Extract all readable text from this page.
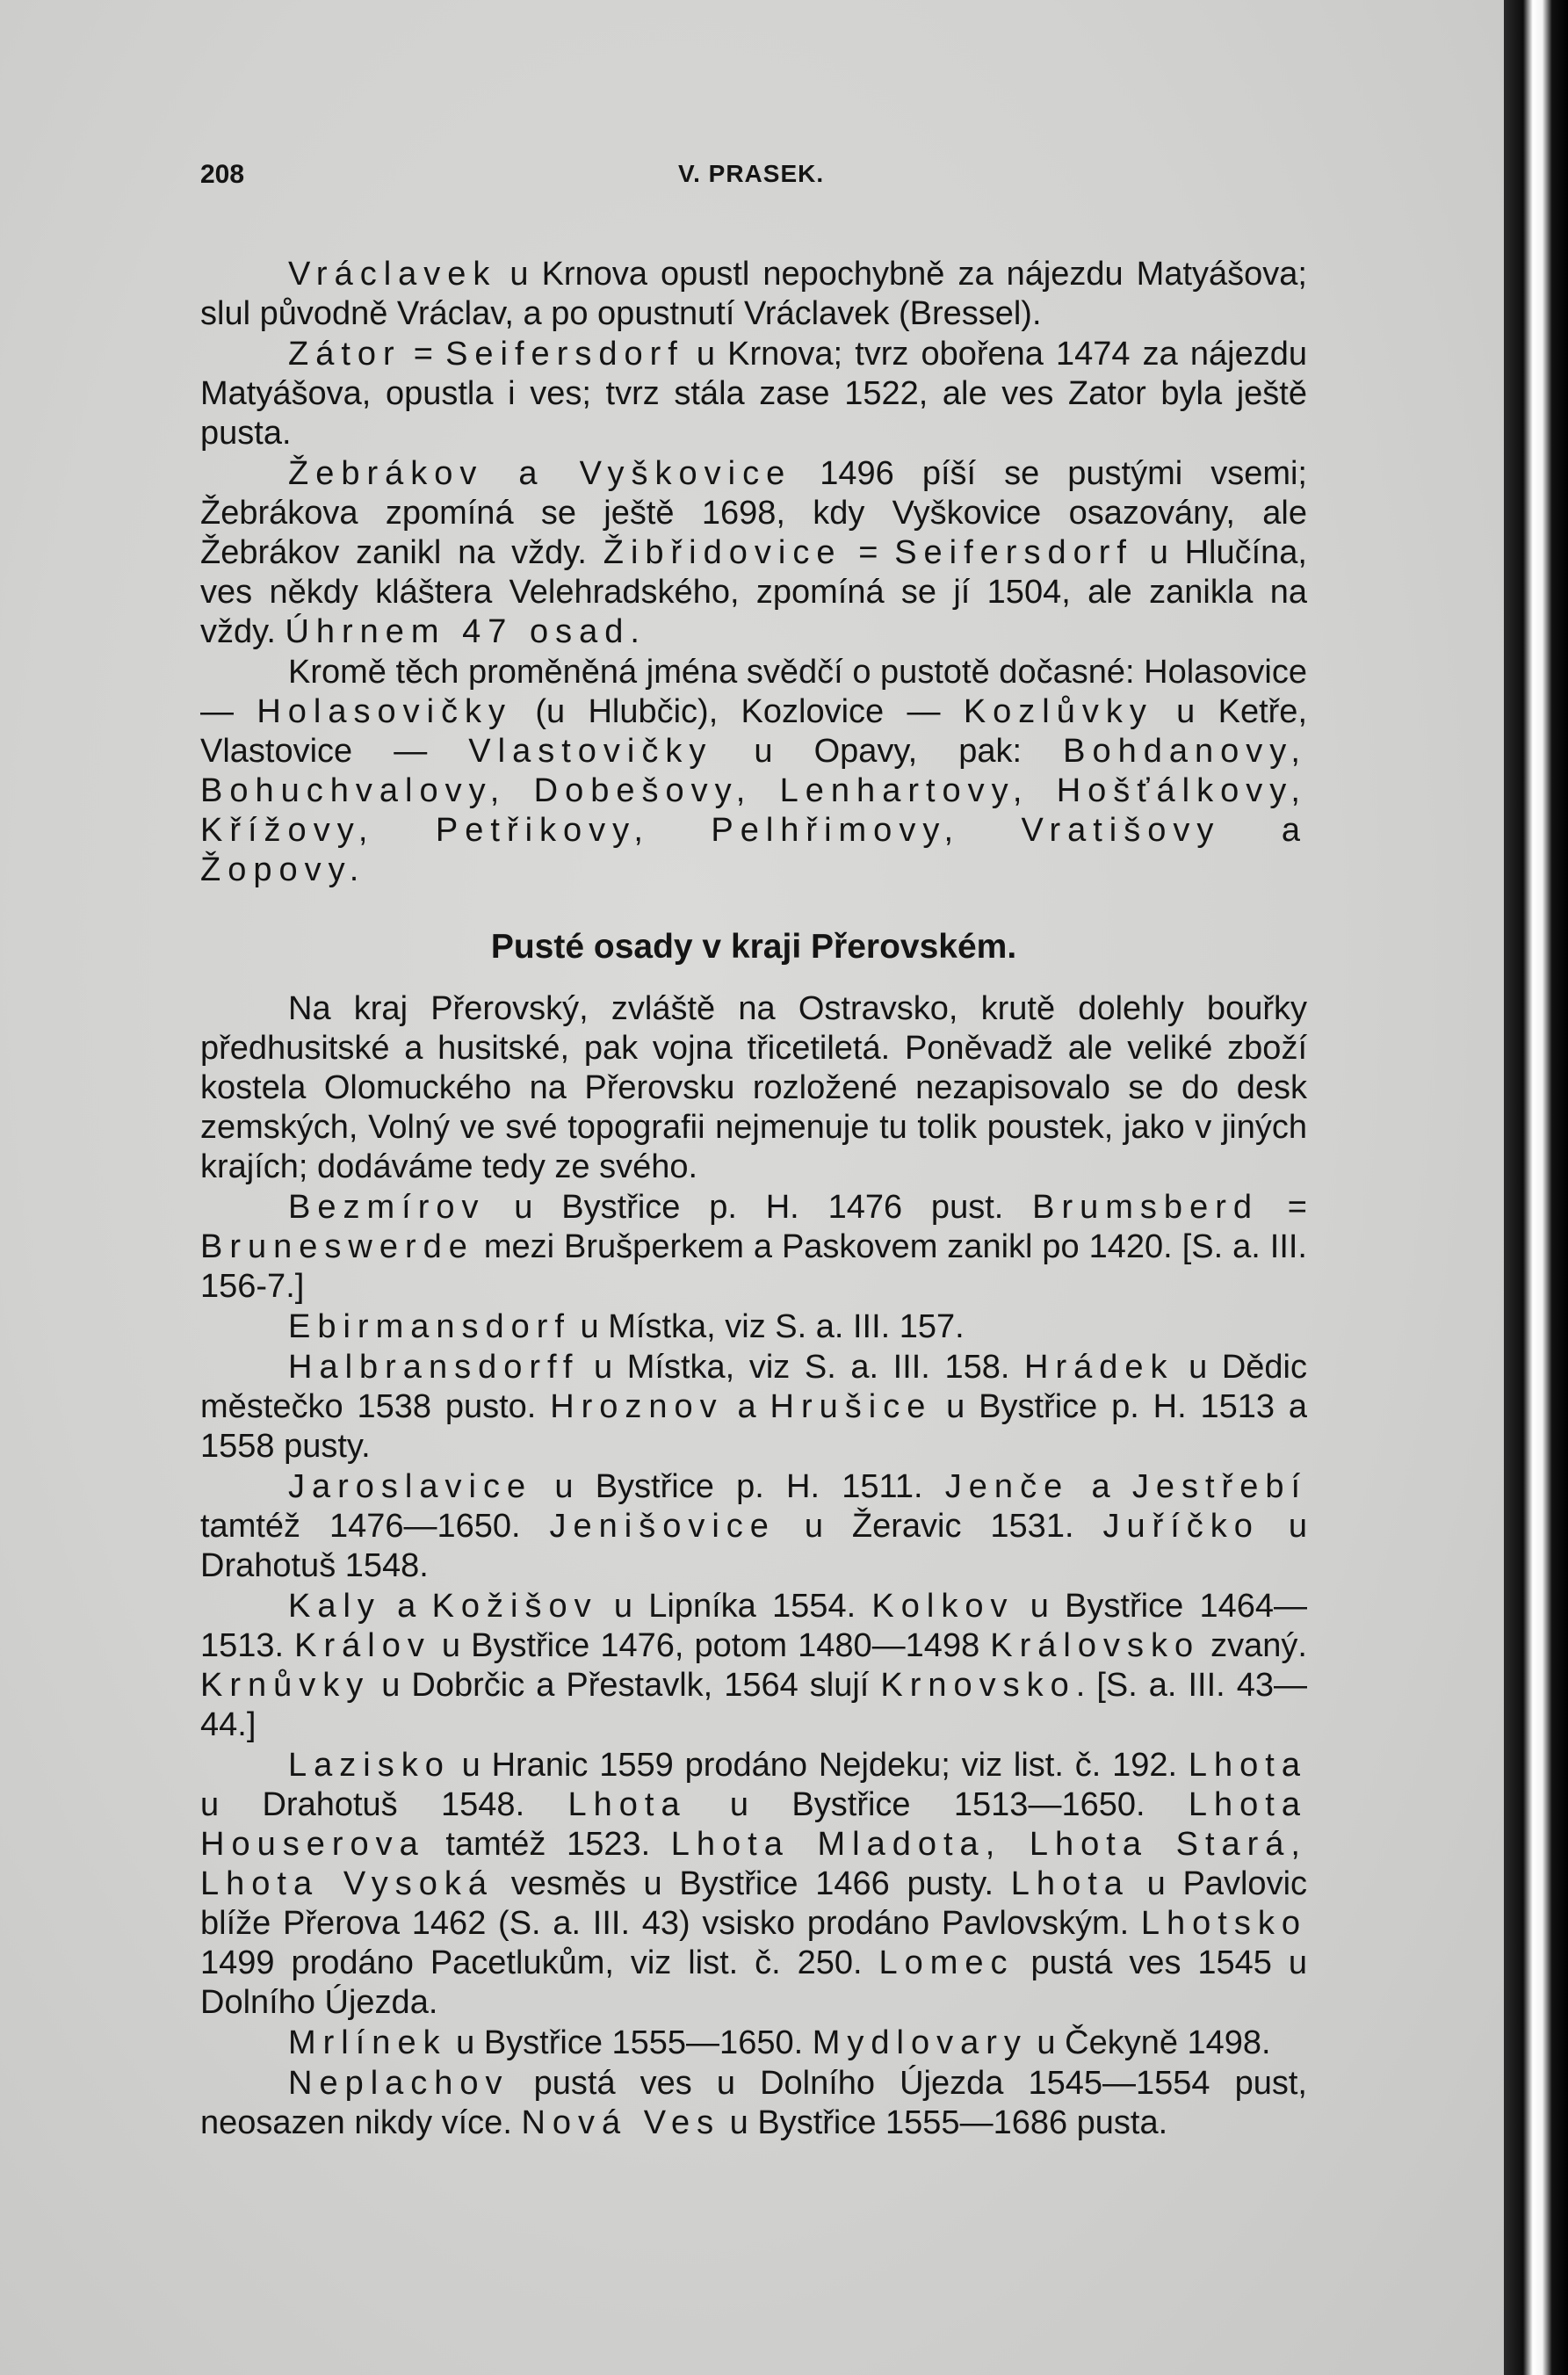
208	V. PRASEK.

Vráclavek u Krnova opustl nepochybně za nájezdu Matyášova; slul původně Vráclav, a po opustnutí Vráclavek (Bressel).

Zátor = Seifersdorf u Krnova; tvrz obořena 1474 za nájezdu Matyášova, opustla i ves; tvrz stála zase 1522, ale ves Zator byla ještě pusta.

Žebrákov a Vyškovice 1496 píší se pustými vsemi; Žebrákova zpomíná se ještě 1698, kdy Vyškovice osazovány, ale Žebrákov zanikl na vždy. Žibřidovice = Seifersdorf u Hlučína, ves někdy kláštera Velehradského, zpomíná se jí 1504, ale zanikla na vždy. Úhrnem 47 osad.

Kromě těch proměněná jména svědčí o pustotě dočasné: Holasovice — Holasovičky (u Hlubčic), Kozlovice — Kozlůvky u Ketře, Vlastovice — Vlastovičky u Opavy, pak: Bohdanovy, Bohuchvalovy, Dobešovy, Lenhartovy, Hošťálkovy, Křížovy, Petřikovy, Pelhřimovy, Vratišovy a Žopovy.

Pusté osady v kraji Přerovském.

Na kraj Přerovský, zvláště na Ostravsko, krutě dolehly bouřky předhusitské a husitské, pak vojna třicetiletá. Poněvadž ale veliké zboží kostela Olomuckého na Přerovsku rozložené nezapisovalo se do desk zemských, Volný ve své topografii nejmenuje tu tolik poustek, jako v jiných krajích; dodáváme tedy ze svého.

Bezmírov u Bystřice p. H. 1476 pust. Brumsberd = Bruneswerde mezi Brušperkem a Paskovem zanikl po 1420. [S. a. III. 156-7.]

Ebirmansdorf u Místka, viz S. a. III. 157.

Halbransdorff u Místka, viz S. a. III. 158. Hrádek u Dědic městečko 1538 pusto. Hroznov a Hrušice u Bystřice p. H. 1513 a 1558 pusty.

Jaroslavice u Bystřice p. H. 1511. Jenče a Jestřebí tamtéž 1476—1650. Jenišovice u Žeravic 1531. Juříčko u Drahotuš 1548.

Kaly a Kožišov u Lipníka 1554. Kolkov u Bystřice 1464—1513. Králov u Bystřice 1476, potom 1480—1498 Královsko zvaný. Krnůvky u Dobrčic a Přestavlk, 1564 slují Krnovsko. [S. a. III. 43—44.]

Lazisko u Hranic 1559 prodáno Nejdeku; viz list. č. 192. Lhota u Drahotuš 1548. Lhota u Bystřice 1513—1650. Lhota Houserova tamtéž 1523. Lhota Mladota, Lhota Stará, Lhota Vysoká vesměs u Bystřice 1466 pusty. Lhota u Pavlovic blíže Přerova 1462 (S. a. III. 43) vsisko prodáno Pavlovským. Lhotsko 1499 prodáno Pacetlukům, viz list. č. 250. Lomec pustá ves 1545 u Dolního Újezda.

Mrlínek u Bystřice 1555—1650. Mydlovary u Čekyně 1498.

Neplachov pustá ves u Dolního Újezda 1545—1554 pust, neosazen nikdy více. Nová Ves u Bystřice 1555—1686 pusta.
